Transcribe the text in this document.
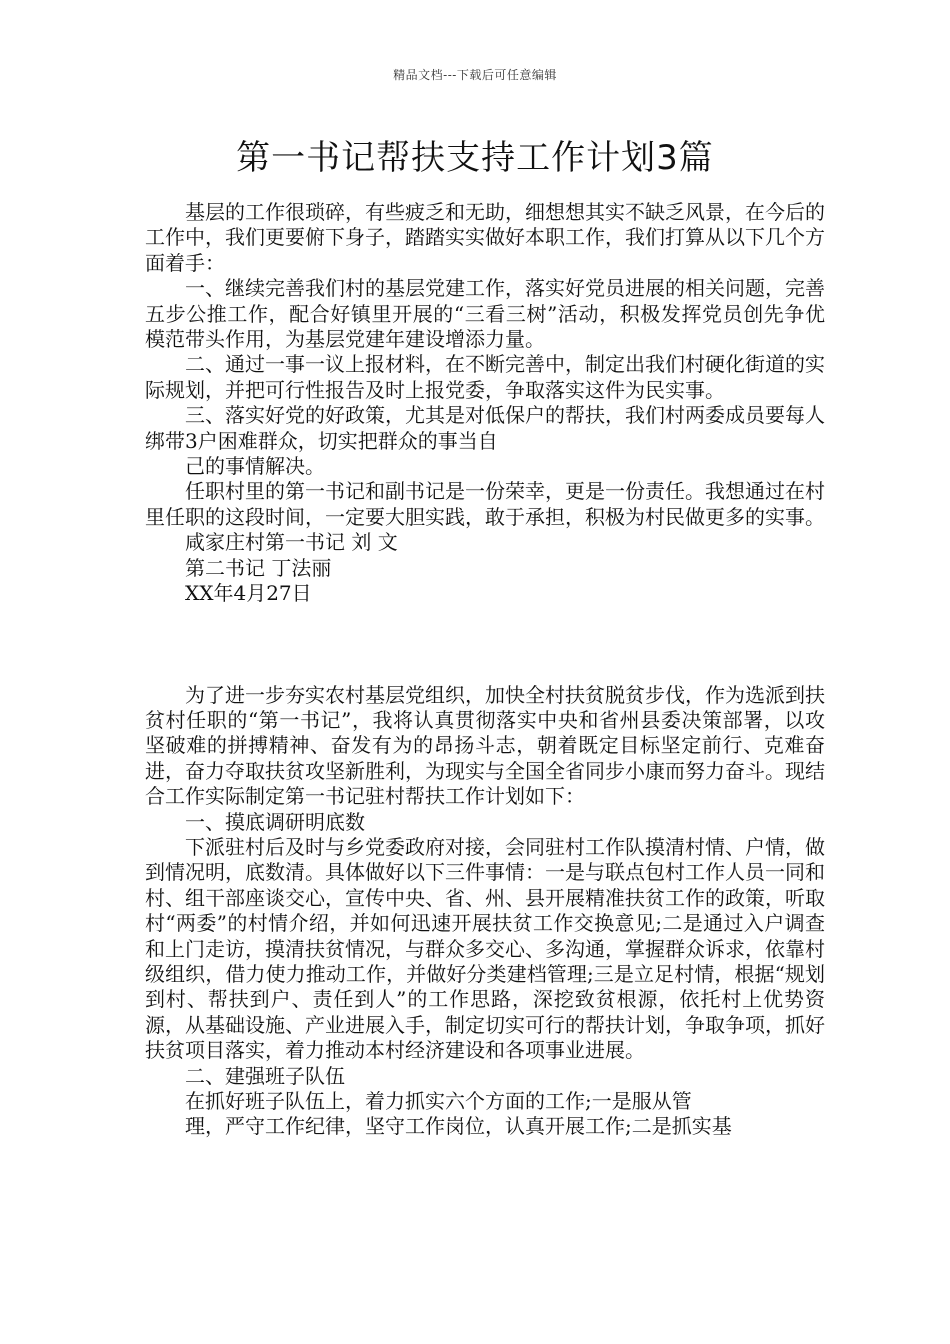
精品文档---下载后可任意编辑
第一书记帮扶支持工作计划3篇

基层的工作很琐碎，有些疲乏和无助，细想想其实不缺乏风景，在今后的工作中，我们更要俯下身子，踏踏实实做好本职工作，我们打算从以下几个方面着手：

一、继续完善我们村的基层党建工作，落实好党员进展的相关问题，完善五步公推工作，配合好镇里开展的“三看三树”活动，积极发挥党员创先争优模范带头作用，为基层党建年建设增添力量。

二、通过一事一议上报材料，在不断完善中，制定出我们村硬化街道的实际规划，并把可行性报告及时上报党委，争取落实这件为民实事。

三、落实好党的好政策，尤其是对低保户的帮扶，我们村两委成员要每人绑带3户困难群众，切实把群众的事当自

己的事情解决。

任职村里的第一书记和副书记是一份荣幸，更是一份责任。我想通过在村里任职的这段时间，一定要大胆实践，敢于承担，积极为村民做更多的实事。

咸家庄村第一书记 刘 文

第二书记 丁法丽

XX年4月27日

为了进一步夯实农村基层党组织，加快全村扶贫脱贫步伐，作为选派到扶贫村任职的“第一书记”，我将认真贯彻落实中央和省州县委决策部署，以攻坚破难的拼搏精神、奋发有为的昂扬斗志，朝着既定目标坚定前行、克难奋进，奋力夺取扶贫攻坚新胜利，为现实与全国全省同步小康而努力奋斗。现结合工作实际制定第一书记驻村帮扶工作计划如下：

一、摸底调研明底数

下派驻村后及时与乡党委政府对接，会同驻村工作队摸清村情、户情，做到情况明，底数清。具体做好以下三件事情：一是与联点包村工作人员一同和村、组干部座谈交心，宣传中央、省、州、县开展精准扶贫工作的政策，听取村“两委”的村情介绍，并如何迅速开展扶贫工作交换意见;二是通过入户调查和上门走访，摸清扶贫情况，与群众多交心、多沟通，掌握群众诉求，依靠村级组织，借力使力推动工作，并做好分类建档管理;三是立足村情，根据“规划到村、帮扶到户、责任到人”的工作思路，深挖致贫根源，依托村上优势资源，从基础设施、产业进展入手，制定切实可行的帮扶计划，争取争项，抓好扶贫项目落实，着力推动本村经济建设和各项事业进展。

二、建强班子队伍

在抓好班子队伍上，着力抓实六个方面的工作;一是服从管

理，严守工作纪律，坚守工作岗位，认真开展工作;二是抓实基
